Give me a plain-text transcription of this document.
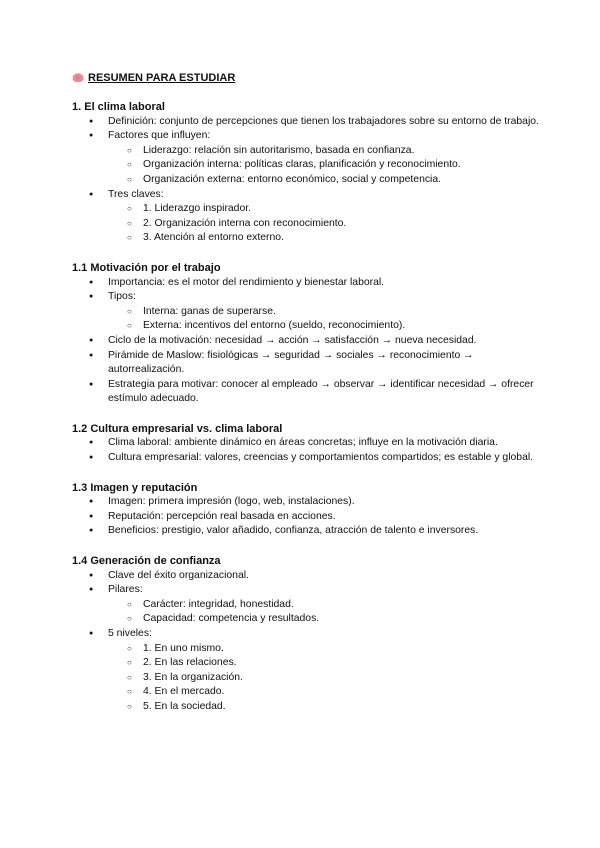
RESUMEN PARA ESTUDIAR
1. El clima laboral
● Definición: conjunto de percepciones que tienen los trabajadores sobre su entorno de trabajo.
● Factores que influyen:
○ Liderazgo: relación sin autoritarismo, basada en confianza.
○ Organización interna: políticas claras, planificación y reconocimiento.
○ Organización externa: entorno económico, social y competencia.
● Tres claves:
○ 1. Liderazgo inspirador.
○ 2. Organización interna con reconocimiento.
○ 3. Atención al entorno externo.
1.1 Motivación por el trabajo
● Importancia: es el motor del rendimiento y bienestar laboral.
● Tipos:
○ Interna: ganas de superarse.
○ Externa: incentivos del entorno (sueldo, reconocimiento).
● Ciclo de la motivación: necesidad → acción → satisfacción → nueva necesidad.
● Pirámide de Maslow: fisiológicas → seguridad → sociales → reconocimiento → autorrealización.
● Estrategia para motivar: conocer al empleado → observar → identificar necesidad → ofrecer estímulo adecuado.
1.2 Cultura empresarial vs. clima laboral
● Clima laboral: ambiente dinámico en áreas concretas; influye en la motivación diaria.
● Cultura empresarial: valores, creencias y comportamientos compartidos; es estable y global.
1.3 Imagen y reputación
● Imagen: primera impresión (logo, web, instalaciones).
● Reputación: percepción real basada en acciones.
● Beneficios: prestigio, valor añadido, confianza, atracción de talento e inversores.
1.4 Generación de confianza
● Clave del éxito organizacional.
● Pilares:
○ Carácter: integridad, honestidad.
○ Capacidad: competencia y resultados.
● 5 niveles:
○ 1. En uno mismo.
○ 2. En las relaciones.
○ 3. En la organización.
○ 4. En el mercado.
○ 5. En la sociedad.
